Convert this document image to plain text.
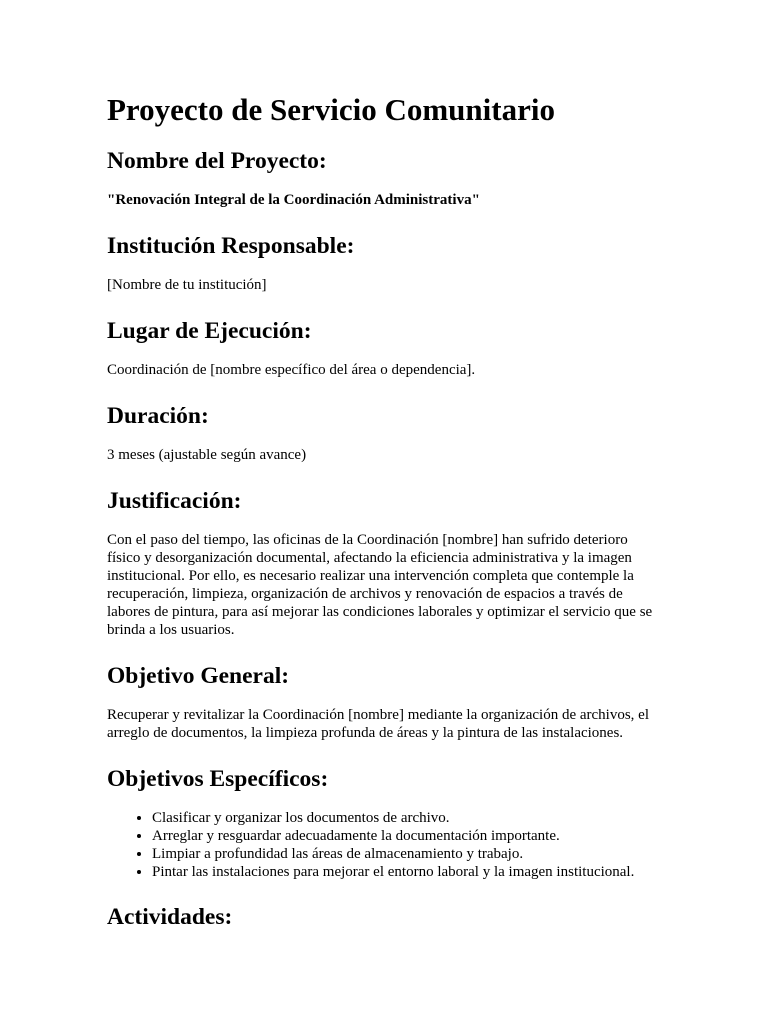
Proyecto de Servicio Comunitario
Nombre del Proyecto:

"Renovación Integral de la Coordinación Administrativa"

Institución Responsable:

[Nombre de tu institución]

Lugar de Ejecución:

Coordinación de [nombre específico del área o dependencia].

Duración:

3 meses (ajustable según avance)

Justificación:

Con el paso del tiempo, las oficinas de la Coordinación [nombre] han sufrido deterioro físico y desorganización documental, afectando la eficiencia administrativa y la imagen institucional. Por ello, es necesario realizar una intervención completa que contemple la recuperación, limpieza, organización de archivos y renovación de espacios a través de labores de pintura, para así mejorar las condiciones laborales y optimizar el servicio que se brinda a los usuarios.

Objetivo General:

Recuperar y revitalizar la Coordinación [nombre] mediante la organización de archivos, el arreglo de documentos, la limpieza profunda de áreas y la pintura de las instalaciones.

Objetivos Específicos:
• Clasificar y organizar los documentos de archivo.
• Arreglar y resguardar adecuadamente la documentación importante.
• Limpiar a profundidad las áreas de almacenamiento y trabajo.
• Pintar las instalaciones para mejorar el entorno laboral y la imagen institucional.
Actividades:
